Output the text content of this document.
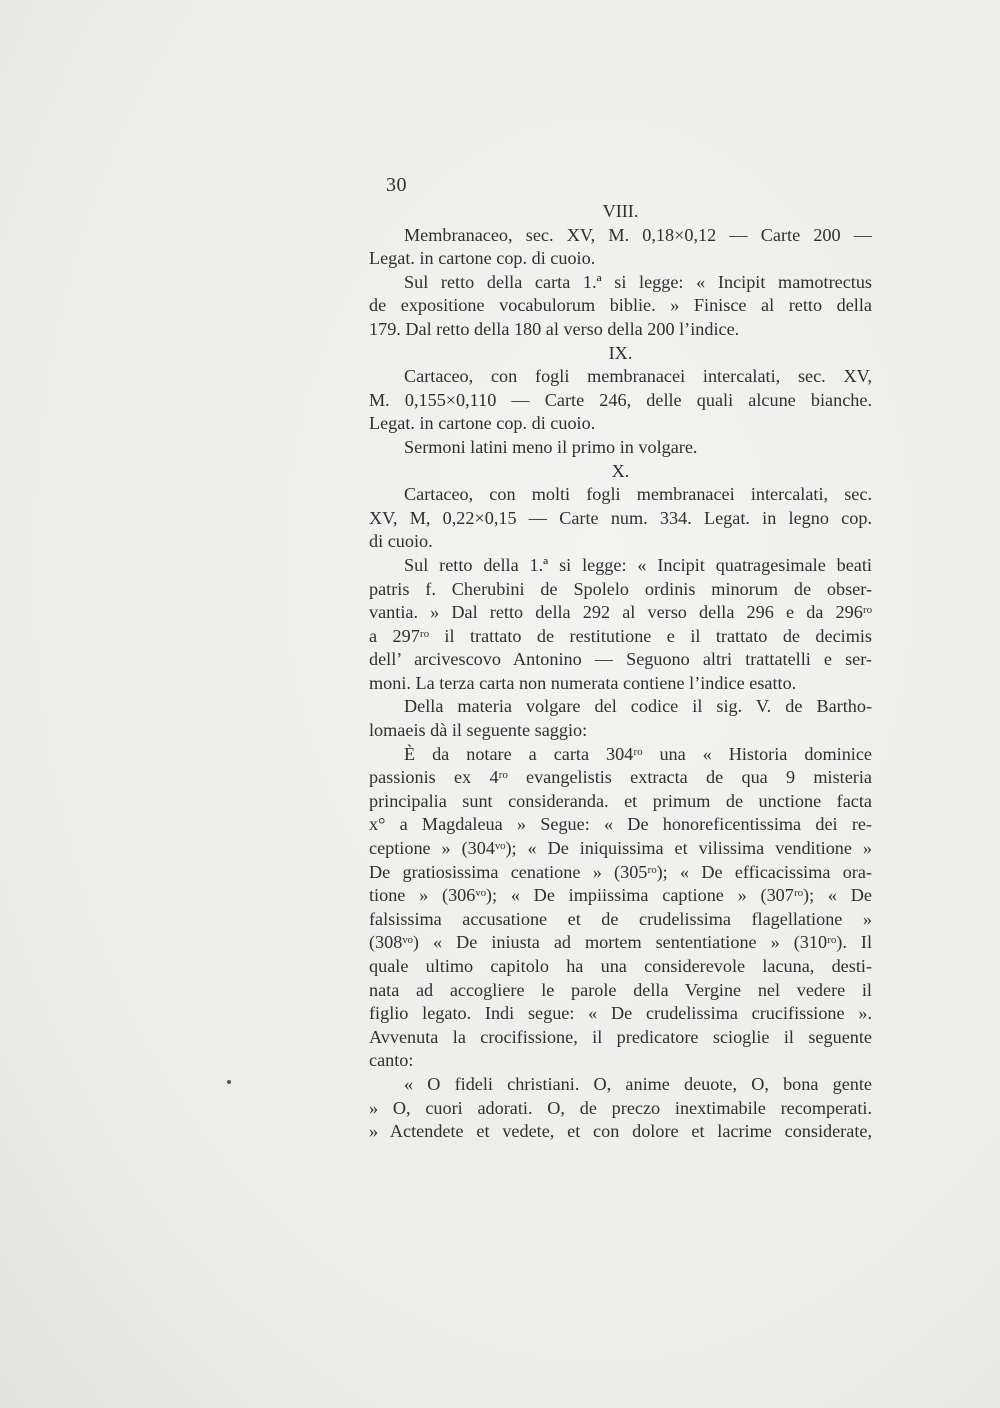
30
VIII.
Membranaceo, sec. XV, M. 0,18×0,12 — Carte 200 —
Legat. in cartone cop. di cuoio.
Sul retto della carta 1.ª si legge: « Incipit mamotrectus
de expositione vocabulorum biblie. » Finisce al retto della
179. Dal retto della 180 al verso della 200 l’indice.
IX.
Cartaceo, con fogli membranacei intercalati, sec. XV,
M. 0,155×0,110 — Carte 246, delle quali alcune bianche.
Legat. in cartone cop. di cuoio.
Sermoni latini meno il primo in volgare.
X.
Cartaceo, con molti fogli membranacei intercalati, sec.
XV, M, 0,22×0,15 — Carte num. 334. Legat. in legno cop.
di cuoio.
Sul retto della 1.ª si legge: « Incipit quatragesimale beati
patris f. Cherubini de Spolelo ordinis minorum de obser-
vantia. » Dal retto della 292 al verso della 296 e da 296ʳᵒ
a 297ʳᵒ il trattato de restitutione e il trattato de decimis
dell’ arcivescovo Antonino — Seguono altri trattatelli e ser-
moni. La terza carta non numerata contiene l’indice esatto.
Della materia volgare del codice il sig. V. de Bartho-
lomaeis dà il seguente saggio:
È da notare a carta 304ʳᵒ una « Historia dominice
passionis ex 4ʳᵒ evangelistis extracta de qua 9 misteria
principalia sunt consideranda. et primum de unctione facta
x° a Magdaleua » Segue: « De honoreficentissima dei re-
ceptione » (304ᵛᵒ); « De iniquissima et vilissima venditione »
De gratiosissima cenatione » (305ʳᵒ); « De efficacissima ora-
tione » (306ᵛᵒ); « De impiissima captione » (307ʳᵒ); « De
falsissima accusatione et de crudelissima flagellatione »
(308ᵛᵒ) « De iniusta ad mortem sententiatione » (310ʳᵒ). Il
quale ultimo capitolo ha una considerevole lacuna, desti-
nata ad accogliere le parole della Vergine nel vedere il
figlio legato. Indi segue: « De crudelissima crucifissione ».
Avvenuta la crocifissione, il predicatore scioglie il seguente
canto:
« O fideli christiani. O, anime deuote, O, bona gente
» O, cuori adorati. O, de preczo inextimabile recomperati.
» Actendete et vedete, et con dolore et lacrime considerate,
